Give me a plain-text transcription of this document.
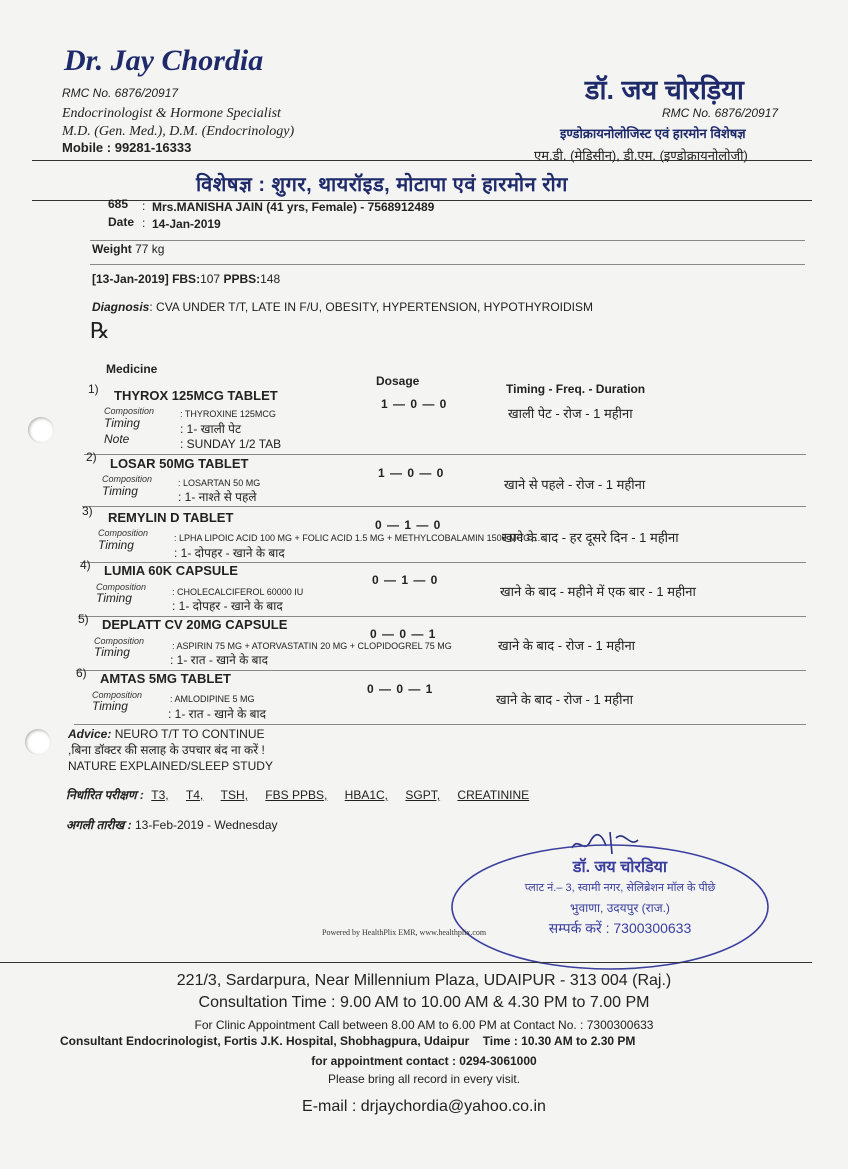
Dr. Jay Chordia
RMC No. 6876/20917
Endocrinologist & Hormone Specialist
M.D. (Gen. Med.), D.M. (Endocrinology)
Mobile : 99281-16333
डॉ. जय चोरड़िया
RMC No. 6876/20917
इण्डोक्रायनोलोजिस्ट एवं हारमोन विशेषज्ञ
एम.डी. (मेडिसीन), डी.एम. (इण्डोक्रायनोलोजी)
विशेषज्ञ : शुगर, थायरॉइड, मोटापा एवं हारमोन रोग
685 : Mrs.MANISHA JAIN (41 yrs, Female) - 7568912489
Date : 14-Jan-2019
Weight 77 kg
[13-Jan-2019] FBS:107 PPBS:148
Diagnosis: CVA UNDER T/T, LATE IN F/U, OBESITY, HYPERTENSION, HYPOTHYROIDISM
℞
Medicine
Dosage
Timing - Freq. - Duration
1) THYROX 125MCG TABLET
Composition	: THYROXINE 125MCG
Timing	: 1- खाली पेट
Note	: SUNDAY 1/2 TAB
1 — 0 — 0
खाली पेट - रोज - 1 महीना
2) LOSAR 50MG TABLET
Composition	: LOSARTAN 50 MG
Timing	: 1- नाश्ते से पहले
1 — 0 — 0
खाने से पहले - रोज - 1 महीना
3) REMYLIN D TABLET
Composition	: LPHA LIPOIC ACID 100 MG + FOLIC ACID 1.5 MG + METHYLCOBALAMIN 1500 MCG ...
Timing
: 1- दोपहर - खाने के बाद
0 — 1 — 0
खाने के बाद - हर दूसरे दिन - 1 महीना
4) LUMIA 60K CAPSULE
Composition	: CHOLECALCIFEROL 60000 IU
Timing
: 1- दोपहर - खाने के बाद
0 — 1 — 0
खाने के बाद - महीने में एक बार - 1 महीना
5) DEPLATT CV 20MG CAPSULE
Composition	: ASPIRIN 75 MG + ATORVASTATIN 20 MG + CLOPIDOGREL 75 MG
Timing
: 1- रात - खाने के बाद
0 — 0 — 1
खाने के बाद - रोज - 1 महीना
6) AMTAS 5MG TABLET
Composition	: AMLODIPINE 5 MG
Timing
: 1- रात - खाने के बाद
0 — 0 — 1
खाने के बाद - रोज - 1 महीना
Advice: NEURO T/T TO CONTINUE
,बिना डॉक्टर की सलाह के उपचार बंद ना करें !
NATURE EXPLAINED/SLEEP STUDY
निर्धारित परीक्षण : T3, T4, TSH, FBS PPBS, HBA1C, SGPT, CREATININE
अगली तारीख : 13-Feb-2019 - Wednesday
डॉ. जय चोरडिया
प्लाट नं.– 3, स्वामी नगर, सेलिब्रेशन मॉल के पीछे
भुवाणा, उदयपुर (राज.)
सम्पर्क करें : 7300300633
Powered by HealthPlix EMR, www.healthplix.com
221/3, Sardarpura, Near Millennium Plaza, UDAIPUR - 313 004 (Raj.)
Consultation Time : 9.00 AM to 10.00 AM & 4.30 PM to 7.00 PM
For Clinic Appointment Call between 8.00 AM to 6.00 PM at Contact No. : 7300300633
Consultant Endocrinologist, Fortis J.K. Hospital, Shobhagpura, Udaipur Time : 10.30 AM to 2.30 PM
for appointment contact : 0294-3061000
Please bring all record in every visit.
E-mail : drjaychordia@yahoo.co.in
